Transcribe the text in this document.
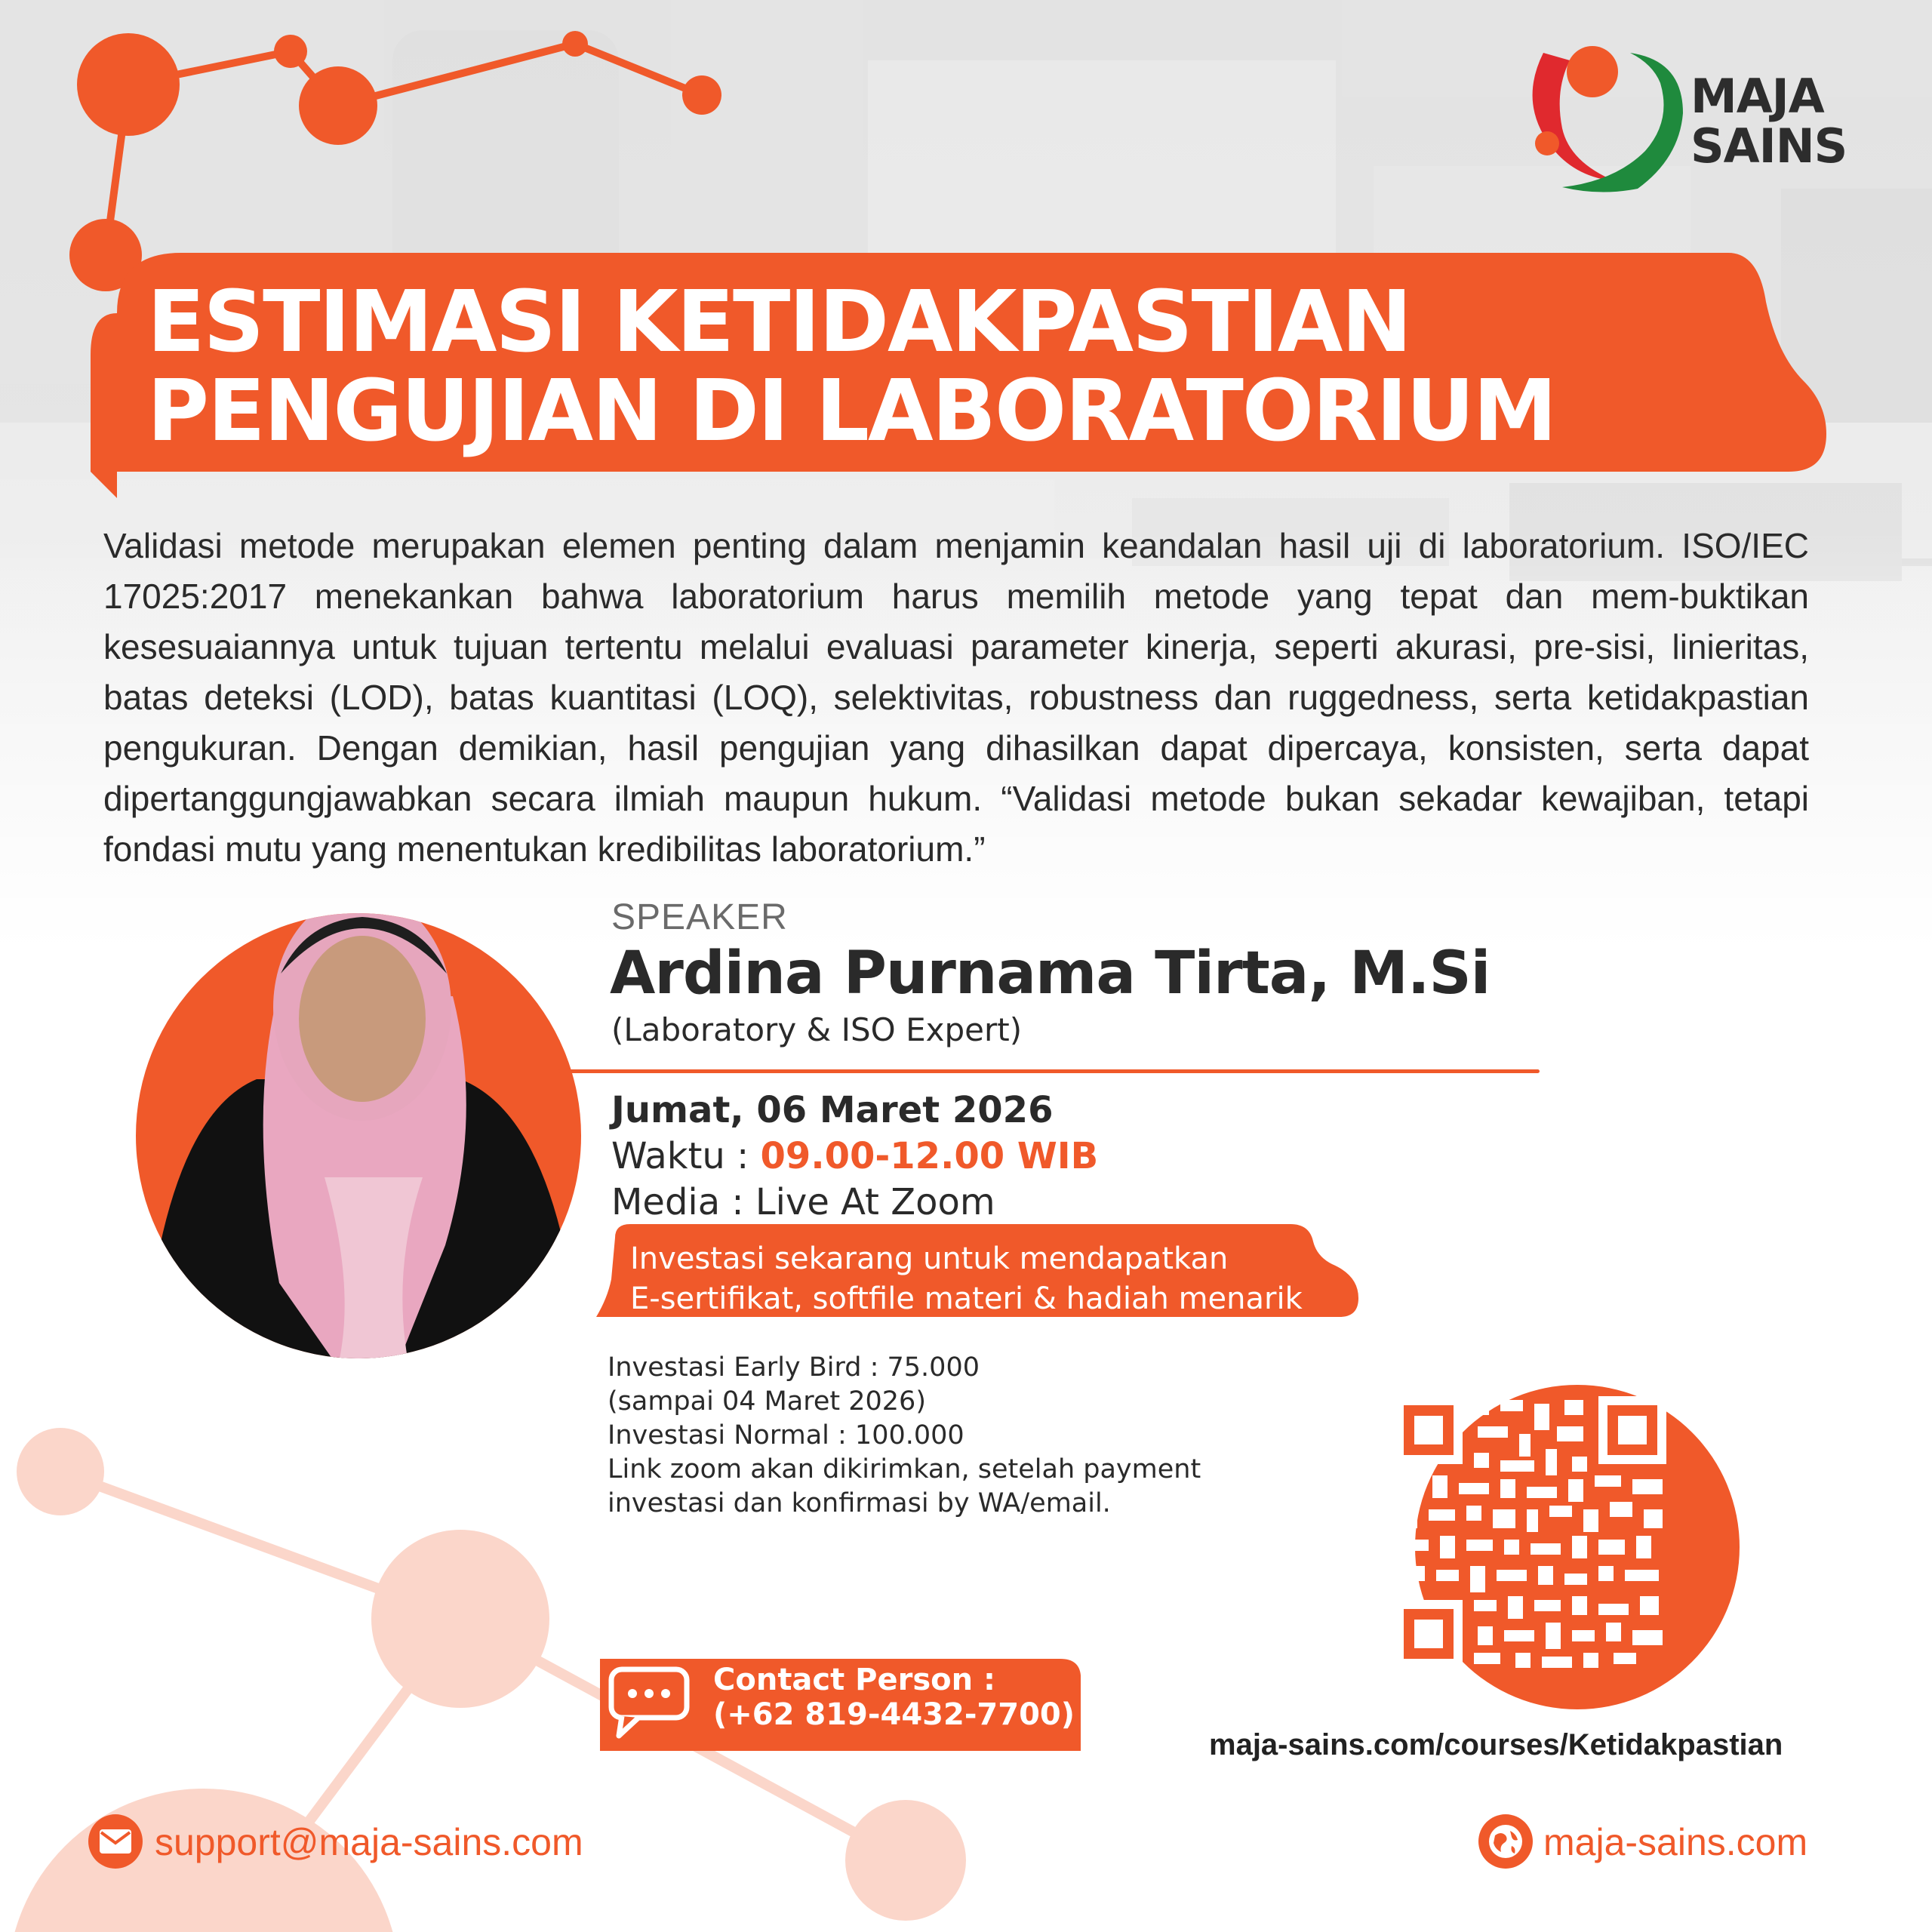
MAJA
SAINS
ESTIMASI KETIDAKPASTIAN
PENGUJIAN DI LABORATORIUM
Validasi metode merupakan elemen penting dalam menjamin keandalan hasil uji di laboratorium. ISO/IEC 17025:2017 menekankan bahwa laboratorium harus memilih metode yang tepat dan mem-buktikan kesesuaiannya untuk tujuan tertentu melalui evaluasi parameter kinerja, seperti akurasi, pre-sisi, linieritas, batas deteksi (LOD), batas kuantitasi (LOQ), selektivitas, robustness dan ruggedness, serta ketidakpastian pengukuran. Dengan demikian, hasil pengujian yang dihasilkan dapat dipercaya, konsisten, serta dapat dipertanggungjawabkan secara ilmiah maupun hukum. “Validasi metode bukan sekadar kewajiban, tetapi fondasi mutu yang menentukan kredibilitas laboratorium.”
SPEAKER
Ardina Purnama Tirta, M.Si
(Laboratory & ISO Expert)
Jumat, 06 Maret 2026
Waktu : 09.00-12.00 WIB
Media : Live At Zoom
Investasi sekarang untuk mendapatkan
E-sertifikat, softfile materi & hadiah menarik
Investasi Early Bird : 75.000
(sampai 04 Maret 2026)
Investasi Normal : 100.000
Link zoom akan dikirimkan, setelah payment
investasi dan konfirmasi by WA/email.
SCAN HERE
Contact Person :
(+62 819-4432-7700)
maja-sains.com/courses/Ketidakpastian
support@maja-sains.com	maja-sains.com
